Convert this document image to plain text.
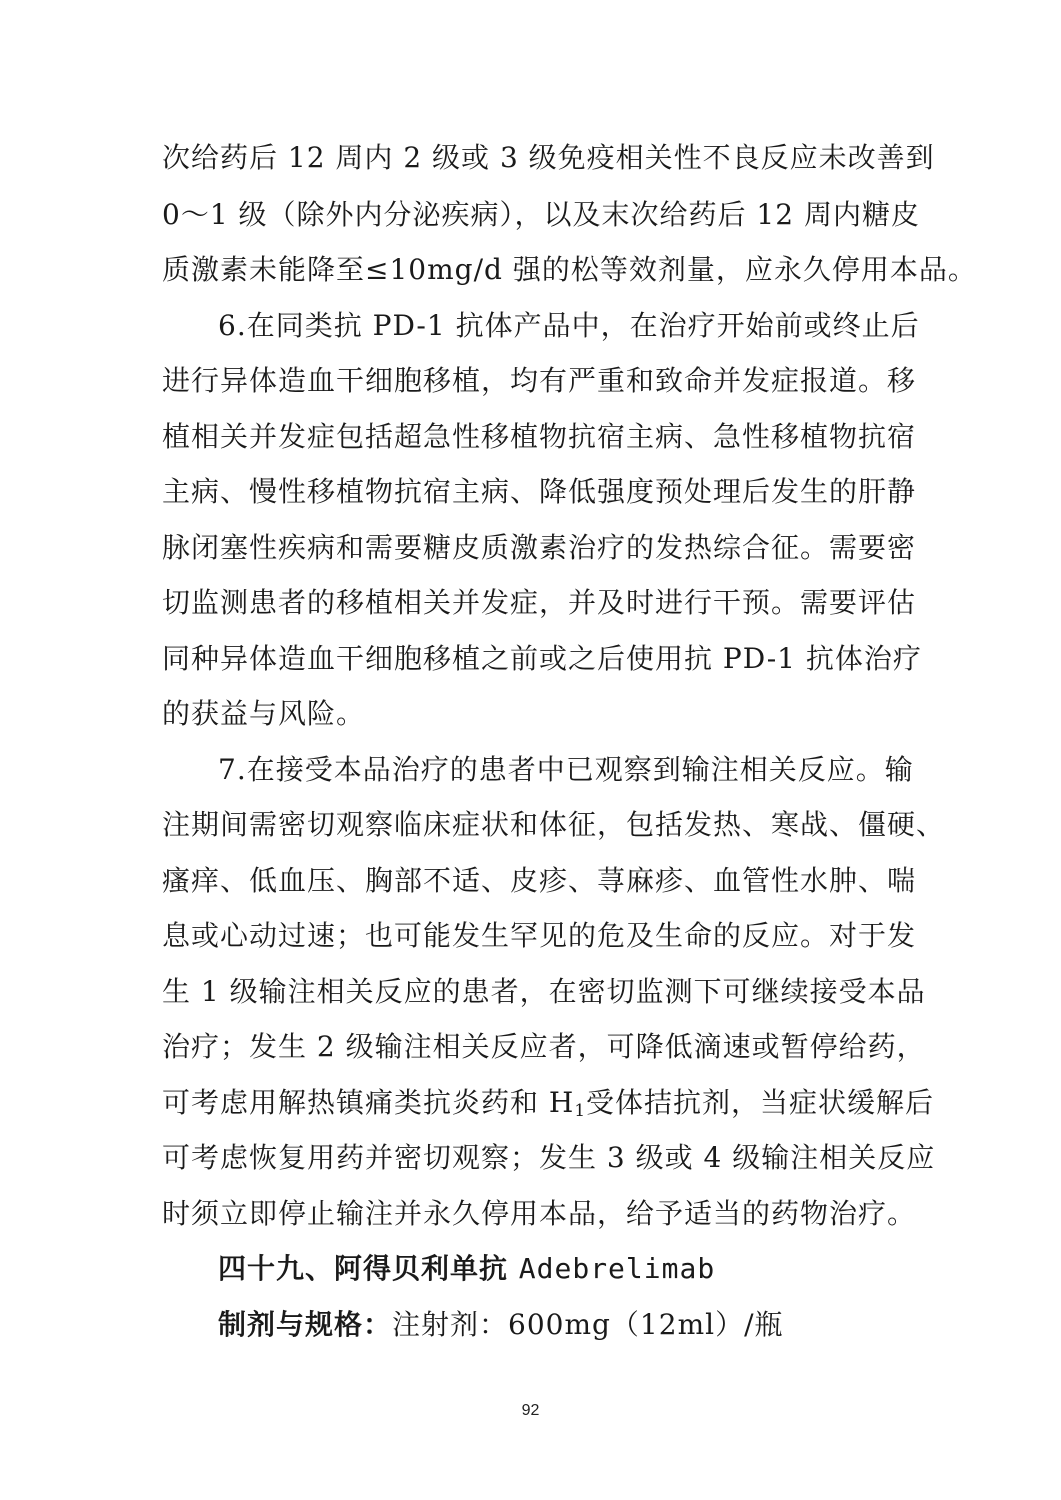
次给药后 12 周内 2 级或 3 级免疫相关性不良反应未改善到
0～1 级（除外内分泌疾病），以及末次给药后 12 周内糖皮
质激素未能降至≤10mg/d 强的松等效剂量，应永久停用本品。
6.在同类抗 PD-1 抗体产品中，在治疗开始前或终止后
进行异体造血干细胞移植，均有严重和致命并发症报道。移
植相关并发症包括超急性移植物抗宿主病、急性移植物抗宿
主病、慢性移植物抗宿主病、降低强度预处理后发生的肝静
脉闭塞性疾病和需要糖皮质激素治疗的发热综合征。需要密
切监测患者的移植相关并发症，并及时进行干预。需要评估
同种异体造血干细胞移植之前或之后使用抗 PD-1 抗体治疗
的获益与风险。
7.在接受本品治疗的患者中已观察到输注相关反应。输
注期间需密切观察临床症状和体征，包括发热、寒战、僵硬、
瘙痒、低血压、胸部不适、皮疹、荨麻疹、血管性水肿、喘
息或心动过速；也可能发生罕见的危及生命的反应。对于发
生 1 级输注相关反应的患者，在密切监测下可继续接受本品
治疗；发生 2 级输注相关反应者，可降低滴速或暂停给药，
可考虑用解热镇痛类抗炎药和 $H_1$受体拮抗剂，当症状缓解后
可考虑恢复用药并密切观察；发生 3 级或 4 级输注相关反应
时须立即停止输注并永久停用本品，给予适当的药物治疗。
四十九、阿得贝利单抗 Adebrelimab
制剂与规格：注射剂：600mg（12ml）/瓶
92
